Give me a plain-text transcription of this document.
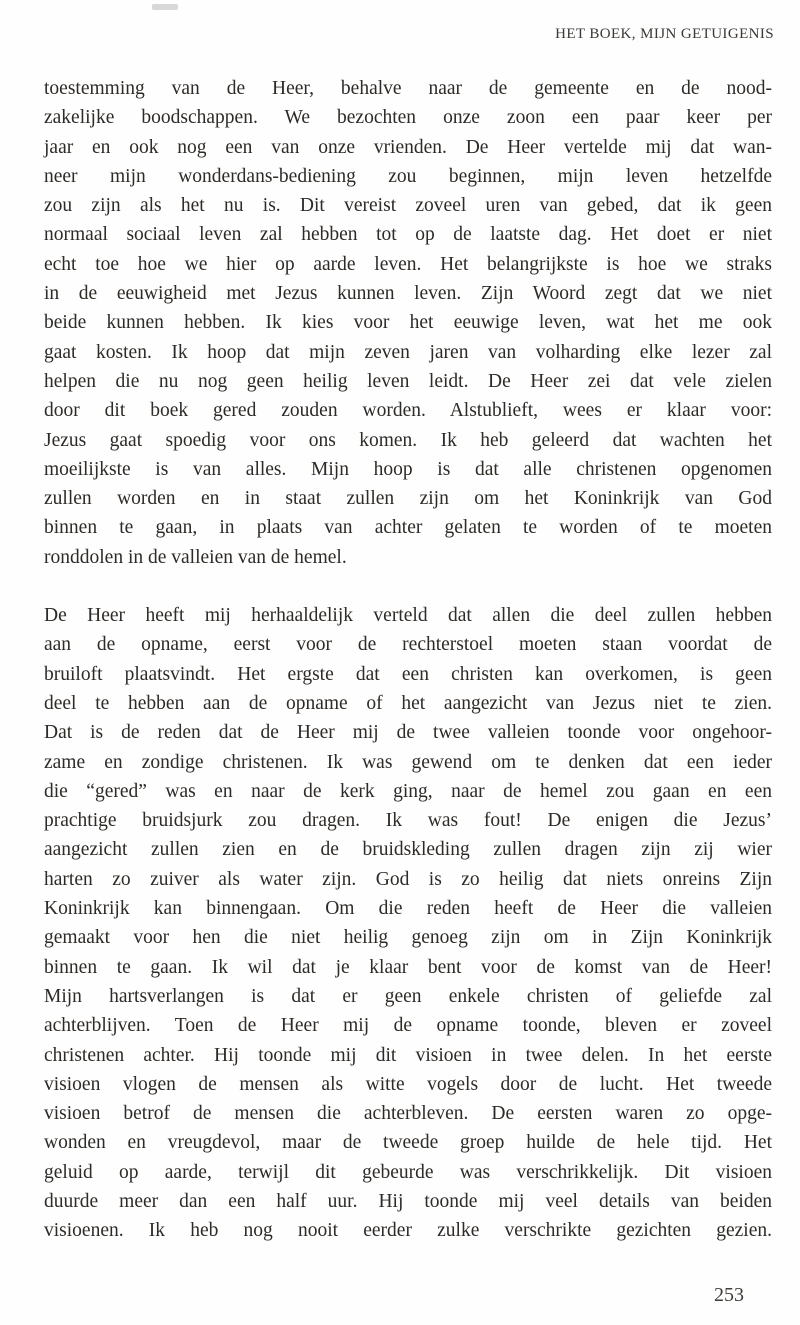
HET BOEK, MIJN GETUIGENIS
toestemming van de Heer, behalve naar de gemeente en de nood-
zakelijke boodschappen. We bezochten onze zoon een paar keer per
jaar en ook nog een van onze vrienden. De Heer vertelde mij dat wan-
neer mijn wonderdans-bediening zou beginnen, mijn leven hetzelfde
zou zijn als het nu is. Dit vereist zoveel uren van gebed, dat ik geen
normaal sociaal leven zal hebben tot op de laatste dag. Het doet er niet
echt toe hoe we hier op aarde leven. Het belangrijkste is hoe we straks
in de eeuwigheid met Jezus kunnen leven. Zijn Woord zegt dat we niet
beide kunnen hebben. Ik kies voor het eeuwige leven, wat het me ook
gaat kosten. Ik hoop dat mijn zeven jaren van volharding elke lezer zal
helpen die nu nog geen heilig leven leidt. De Heer zei dat vele zielen
door dit boek gered zouden worden. Alstublieft, wees er klaar voor:
Jezus gaat spoedig voor ons komen. Ik heb geleerd dat wachten het
moeilijkste is van alles. Mijn hoop is dat alle christenen opgenomen
zullen worden en in staat zullen zijn om het Koninkrijk van God
binnen te gaan, in plaats van achter gelaten te worden of te moeten
ronddolen in de valleien van de hemel.
De Heer heeft mij herhaaldelijk verteld dat allen die deel zullen hebben
aan de opname, eerst voor de rechterstoel moeten staan voordat de
bruiloft plaatsvindt. Het ergste dat een christen kan overkomen, is geen
deel te hebben aan de opname of het aangezicht van Jezus niet te zien.
Dat is de reden dat de Heer mij de twee valleien toonde voor ongehoor-
zame en zondige christenen. Ik was gewend om te denken dat een ieder
die “gered” was en naar de kerk ging, naar de hemel zou gaan en een
prachtige bruidsjurk zou dragen. Ik was fout! De enigen die Jezus’
aangezicht zullen zien en de bruidskleding zullen dragen zijn zij wier
harten zo zuiver als water zijn. God is zo heilig dat niets onreins Zijn
Koninkrijk kan binnengaan. Om die reden heeft de Heer die valleien
gemaakt voor hen die niet heilig genoeg zijn om in Zijn Koninkrijk
binnen te gaan. Ik wil dat je klaar bent voor de komst van de Heer!
Mijn hartsverlangen is dat er geen enkele christen of geliefde zal
achterblijven. Toen de Heer mij de opname toonde, bleven er zoveel
christenen achter. Hij toonde mij dit visioen in twee delen. In het eerste
visioen vlogen de mensen als witte vogels door de lucht. Het tweede
visioen betrof de mensen die achterbleven. De eersten waren zo opge-
wonden en vreugdevol, maar de tweede groep huilde de hele tijd. Het
geluid op aarde, terwijl dit gebeurde was verschrikkelijk. Dit visioen
duurde meer dan een half uur. Hij toonde mij veel details van beiden
visioenen. Ik heb nog nooit eerder zulke verschrikte gezichten gezien.
253
